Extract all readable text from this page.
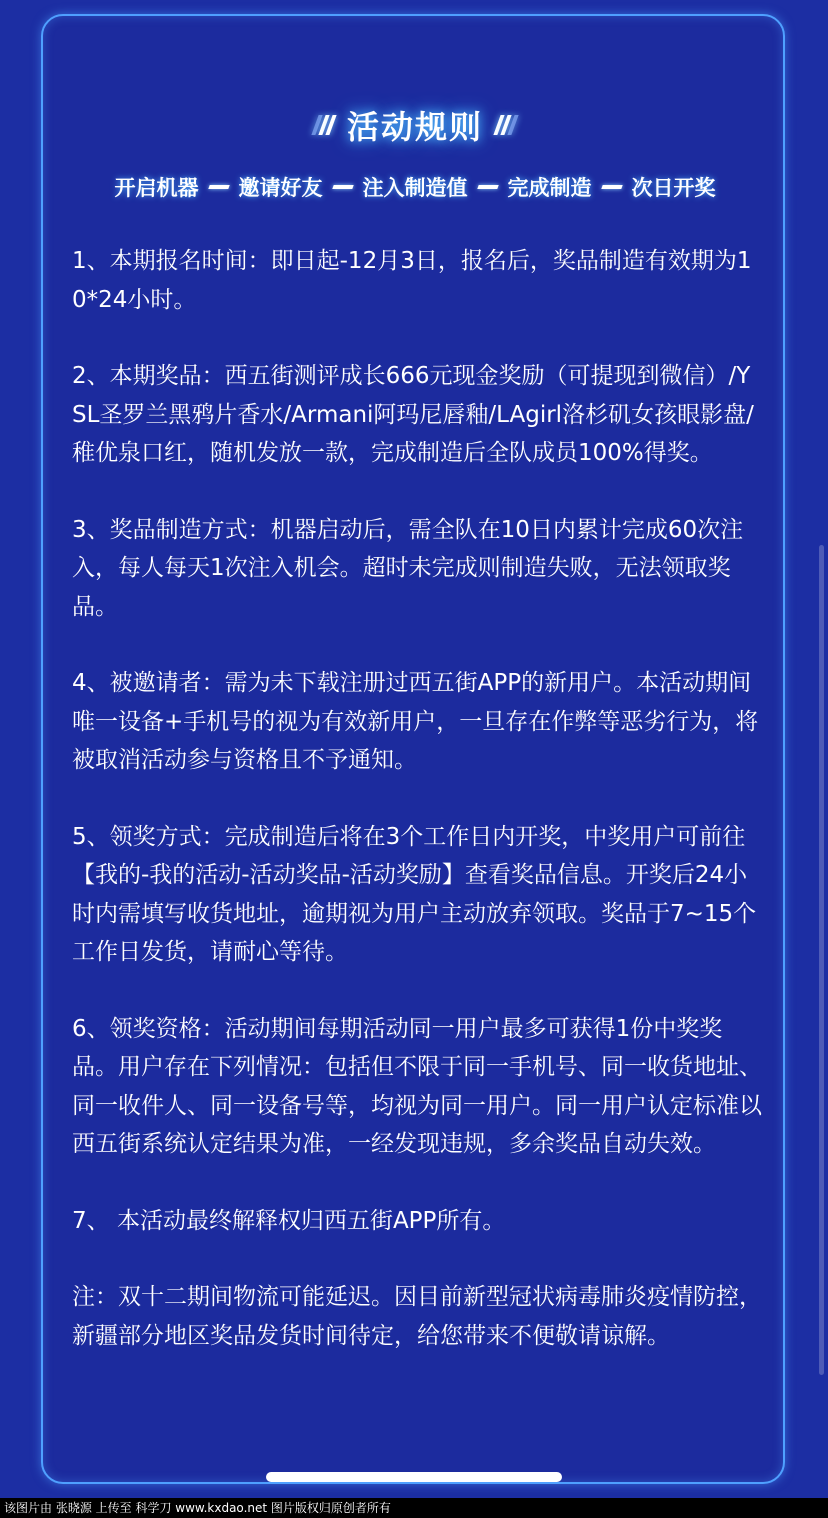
活动规则
开启机器 邀请好友 注入制造值 完成制造 次日开奖

1、本期报名时间：即日起-12月3日，报名后，奖品制造有效期为10*24小时。

2、本期奖品：西五街测评成长666元现金奖励（可提现到微信）/YSL圣罗兰黑鸦片香水/Armani阿玛尼唇釉/LAgirl洛杉矶女孩眼影盘/稚优泉口红，随机发放一款，完成制造后全队成员100%得奖。

3、奖品制造方式：机器启动后，需全队在10日内累计完成60次注入，每人每天1次注入机会。超时未完成则制造失败，无法领取奖品。

4、被邀请者：需为未下载注册过西五街APP的新用户。本活动期间唯一设备+手机号的视为有效新用户，一旦存在作弊等恶劣行为，将被取消活动参与资格且不予通知。

5、领奖方式：完成制造后将在3个工作日内开奖，中奖用户可前往【我的-我的活动-活动奖品-活动奖励】查看奖品信息。开奖后24小时内需填写收货地址，逾期视为用户主动放弃领取。奖品于7~15个工作日发货，请耐心等待。

6、领奖资格：活动期间每期活动同一用户最多可获得1份中奖奖品。用户存在下列情况：包括但不限于同一手机号、同一收货地址、同一收件人、同一设备号等，均视为同一用户。同一用户认定标准以西五街系统认定结果为准，一经发现违规，多余奖品自动失效。

7、 本活动最终解释权归西五街APP所有。

注：双十二期间物流可能延迟。因目前新型冠状病毒肺炎疫情防控，新疆部分地区奖品发货时间待定，给您带来不便敬请谅解。

该图片由 张晓源 上传至 科学刀 www.kxdao.net 图片版权归原创者所有
